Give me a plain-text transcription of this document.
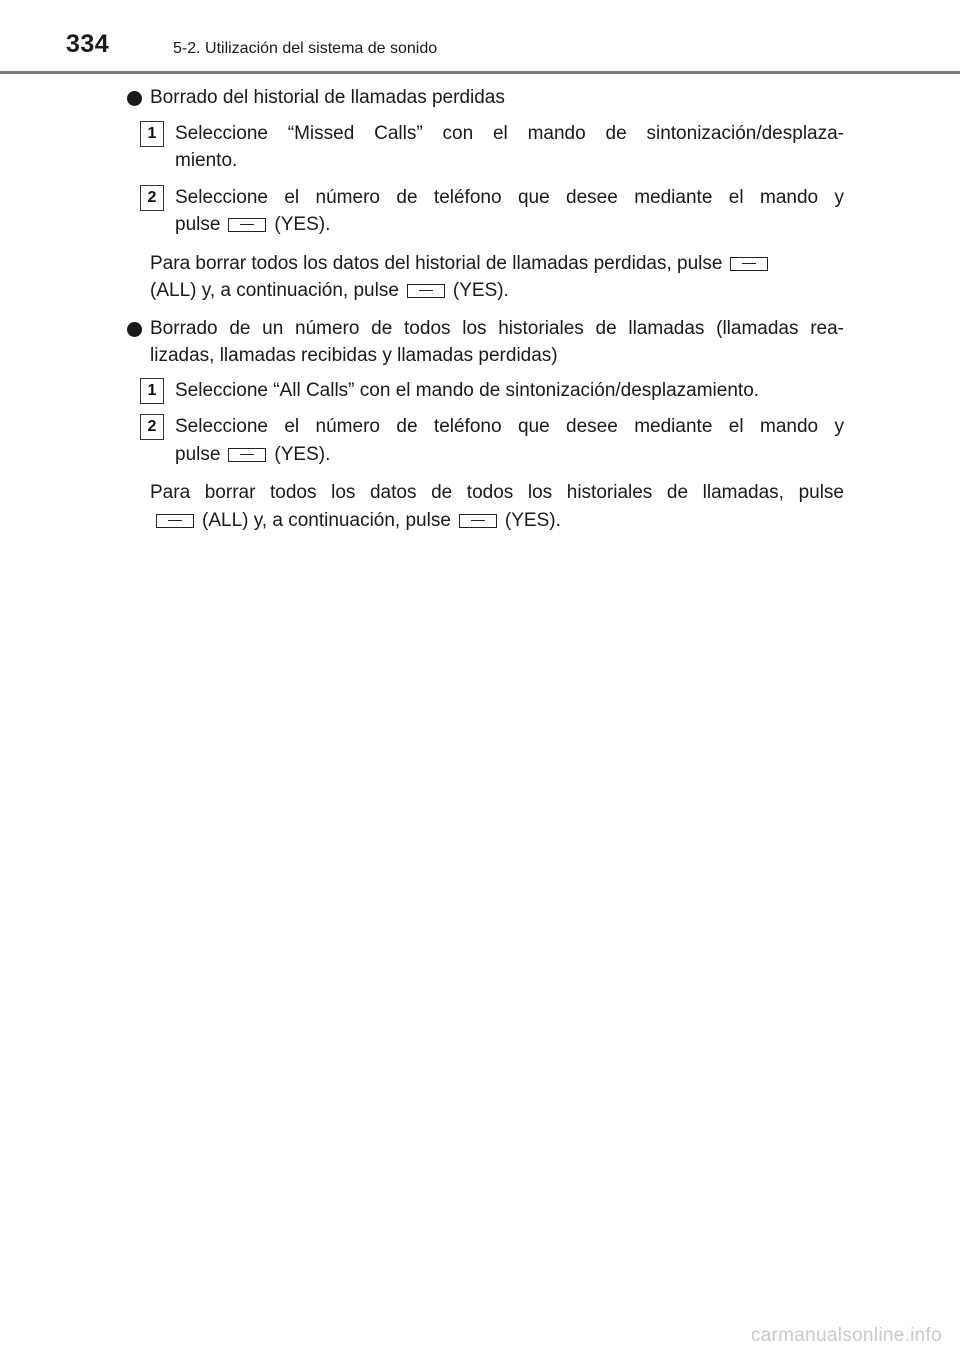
334	5-2. Utilización del sistema de sonido
Borrado del historial de llamadas perdidas
1 Seleccione “Missed Calls” con el mando de sintonización/desplaza-
miento.
2 Seleccione el número de teléfono que desee mediante el mando y
pulse	(YES).
Para borrar todos los datos del historial de llamadas perdidas, pulse
(ALL) y, a continuación, pulse	(YES).
Borrado de un número de todos los historiales de llamadas (llamadas rea-
lizadas, llamadas recibidas y llamadas perdidas)
1 Seleccione “All Calls” con el mando de sintonización/desplazamiento.
2 Seleccione el número de teléfono que desee mediante el mando y
pulse	(YES).
Para borrar todos los datos de todos los historiales de llamadas, pulse
(ALL) y, a continuación, pulse	(YES).
carmanualsonline.info
